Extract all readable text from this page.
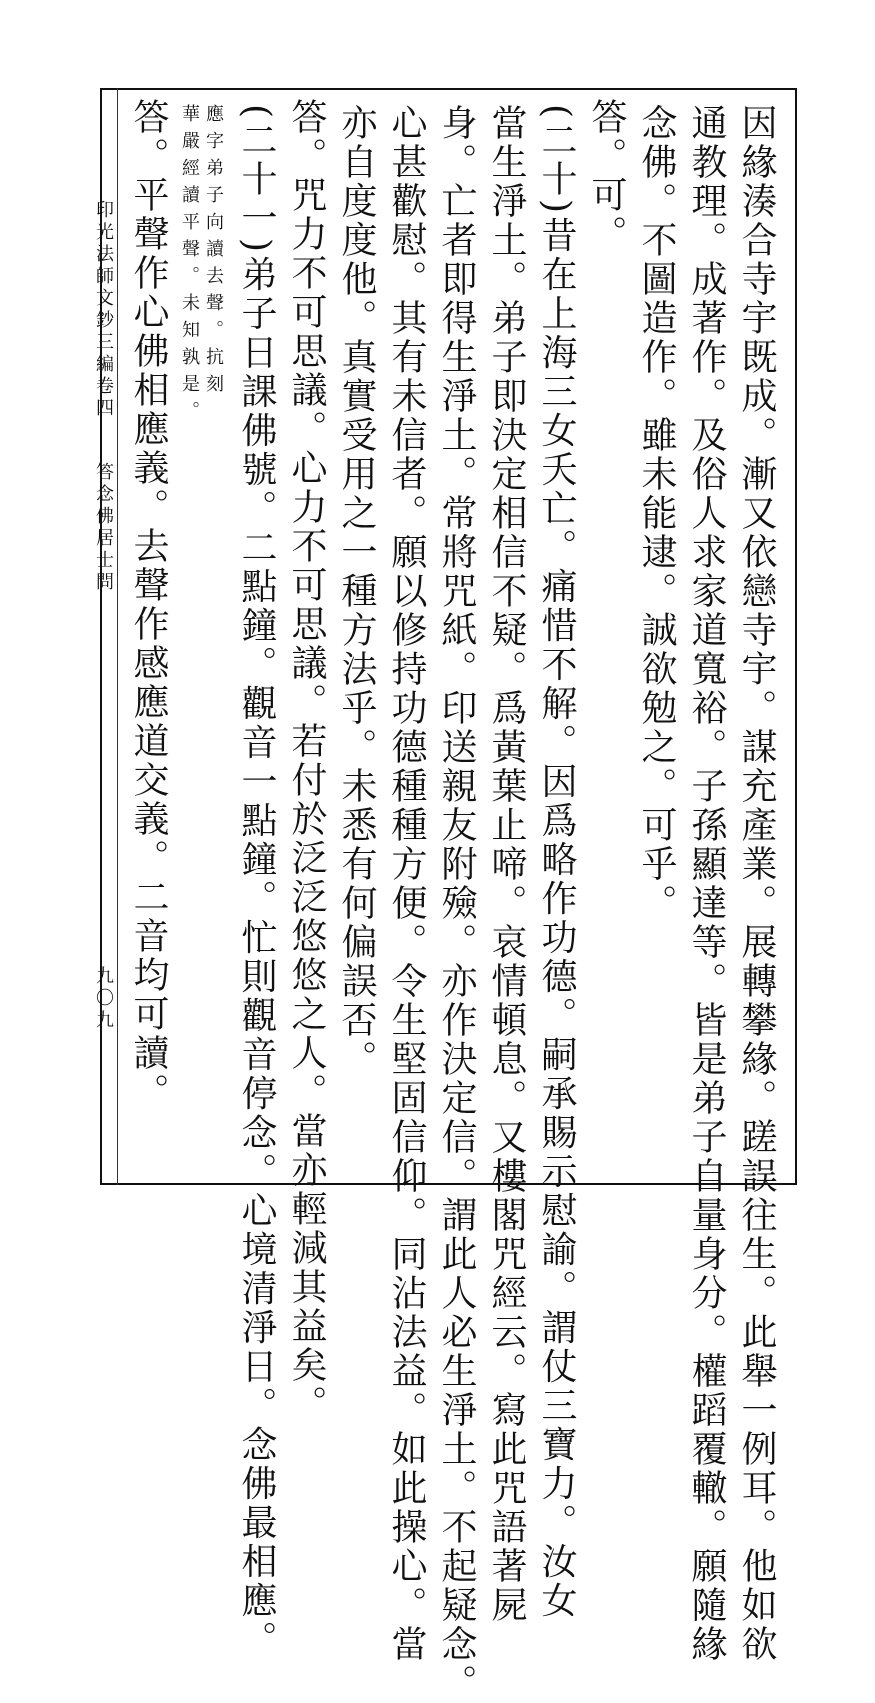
因緣湊合寺宇既成。漸又依戀寺宇。謀充產業。展轉攀緣。蹉誤往生。此舉一例耳。他如欲
通教理。成著作。及俗人求家道寬裕。子孫顯達等。皆是弟子自量身分。權蹈覆轍。願隨緣
念佛。不圖造作。雖未能逮。誠欲勉之。可乎。
答。可。
(二十)昔在上海三女夭亡。痛惜不解。因爲略作功德。嗣承賜示慰諭。謂仗三寶力。汝女
當生淨土。弟子即決定相信不疑。爲黃葉止啼。哀情頓息。又樓閣咒經云。寫此咒語著屍
身。亡者即得生淨土。常將咒紙。印送親友附殮。亦作決定信。謂此人必生淨土。不起疑念。
心甚歡慰。其有未信者。願以修持功德種種方便。令生堅固信仰。同沾法益。如此操心。當
亦自度度他。真實受用之一種方法乎。未悉有何偏誤否。
答。咒力不可思議。心力不可思議。若付於泛泛悠悠之人。當亦輕減其益矣。
(二十一)弟子日課佛號。二點鐘。觀音一點鐘。忙則觀音停念。心境清淨日。念佛最相應。
應字弟子向讀去聲。抗刻
華嚴經讀平聲。未知孰是。
答。平聲作心佛相應義。去聲作感應道交義。二音均可讀。
印光法師文鈔三編卷四
答念佛居士問
九〇九
